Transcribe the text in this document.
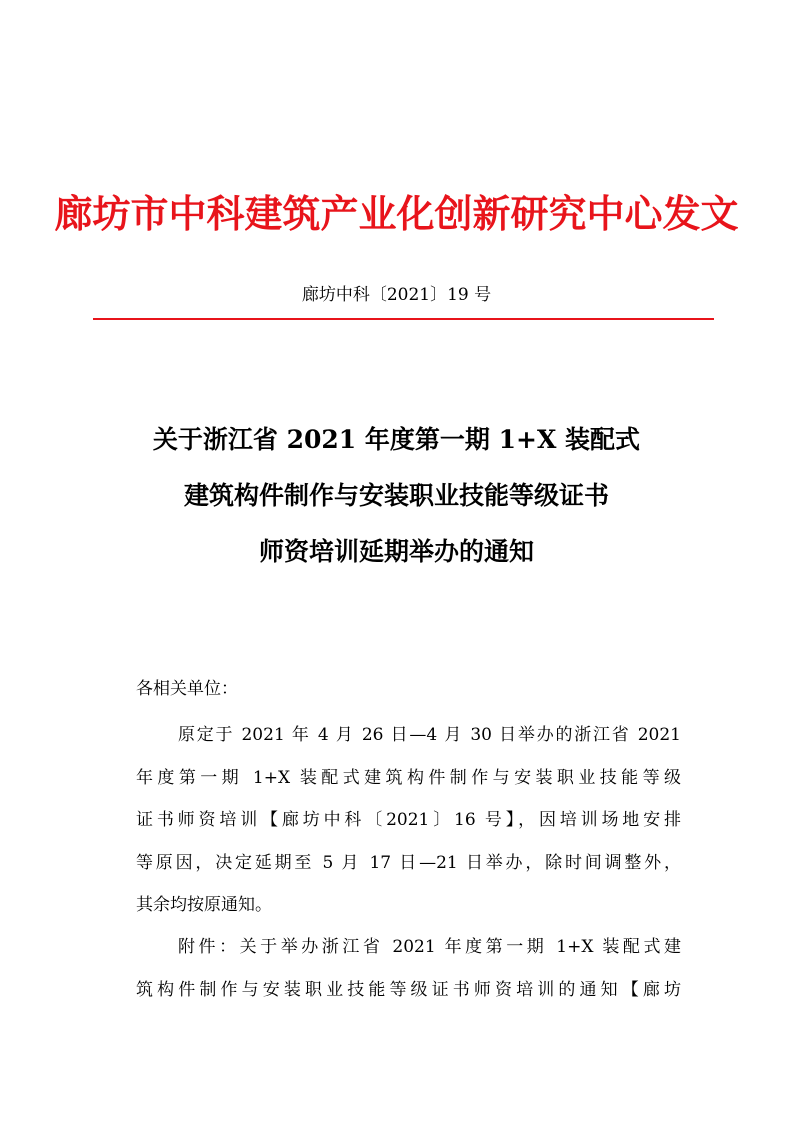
廊坊市中科建筑产业化创新研究中心发文
廊坊中科〔2021〕19 号
关于浙江省 2021 年度第一期 1+X 装配式
建筑构件制作与安装职业技能等级证书
师资培训延期举办的通知
各相关单位：
原定于 2021 年 4 月 26 日—4 月 30 日举办的浙江省 2021
年度第一期 1+X 装配式建筑构件制作与安装职业技能等级
证书师资培训【廊坊中科〔2021〕16 号】，因培训场地安排
等原因，决定延期至 5 月 17 日—21 日举办，除时间调整外，
其余均按原通知。
附件：关于举办浙江省 2021 年度第一期 1+X 装配式建
筑构件制作与安装职业技能等级证书师资培训的通知【廊坊
